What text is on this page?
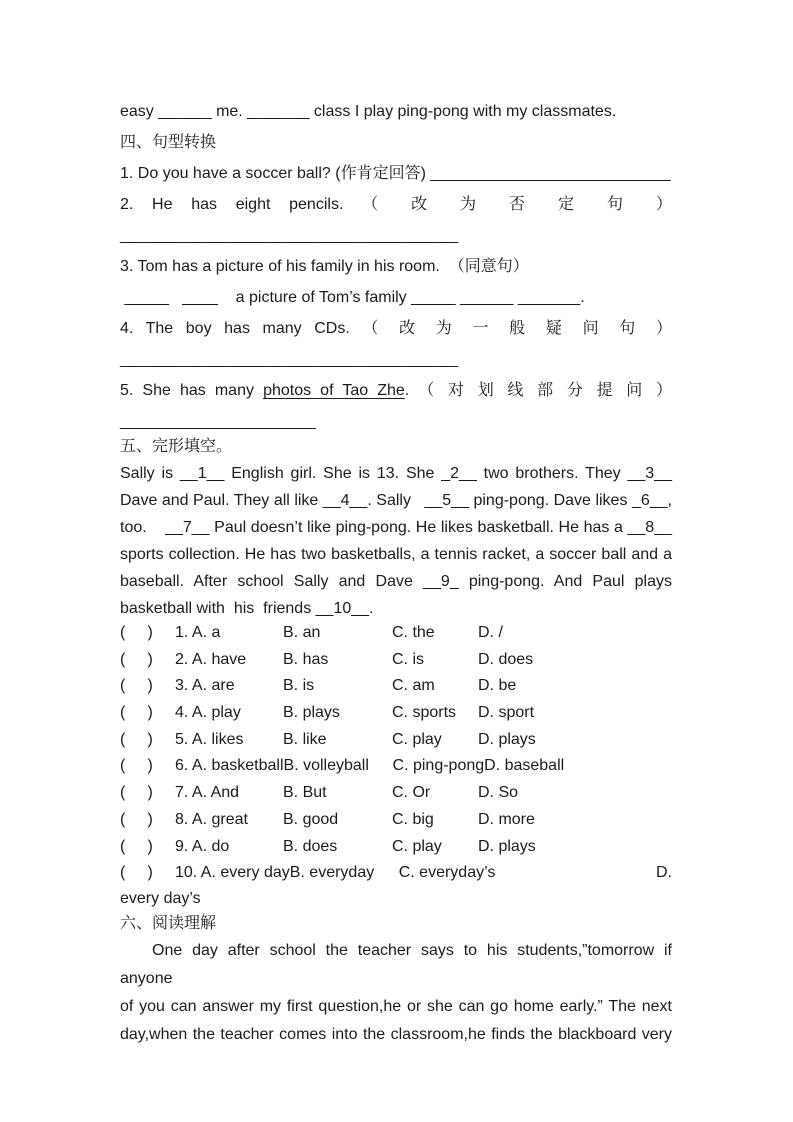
easy ______ me. _______ class I play ping-pong with my classmates.

四、句型转换

1. Do you have a soccer ball? (作肯定回答) ___________________________

2. He has eight pencils. （ 改 为 否 定 句 ）

______________________________________

3. Tom has a picture of his family in his room.  （同意句）

_____   ____    a picture of Tom’s family _____ ______ _______.

4. The boy has many CDs. （ 改 为 一 般 疑 问 句 ）

______________________________________

5. She has many photos of Tao Zhe. （ 对 划 线 部 分 提 问 ）

______________________

五、完形填空。

Sally is __1__ English girl. She is 13. She _2__ two brothers. They __3__

Dave and Paul. They all like __4__. Sally   __5__ ping-pong. Dave likes _6__,

too.    __7__ Paul doesn’t like ping-pong. He likes basketball. He has a __8__

sports collection. He has two basketballs, a tennis racket, a soccer ball and a

baseball. After school Sally and Dave __9_ ping-pong. And Paul plays

basketball with  his  friends __10__.

(     )	1. A. a	B. an	C. the	D. /
(     )	2. A. have	B. has	C. is	D. does
(     )	3. A. are	B. is	C. am	D. be
(     )	4. A. play	B. plays	C. sports	D. sport
(     )	5. A. likes	B. like	C. play	D. plays
(     )	6. A. basketball B. volleyball	C. ping-pong D. baseball
(     )	7. A. And	B. But	C. Or	D. So
(     )	8. A. great	B. good	C. big	D. more
(     )	9. A. do	B. does	C. play	D. plays
(     )	10. A. every day B. everyday	C. everyday’s	D.

every day’s

六、阅读理解

One day after school the teacher says to his students,”tomorrow if anyone

of you can answer my first question,he or she can go home early.” The next

day,when the teacher comes into the classroom,he finds the blackboard very
